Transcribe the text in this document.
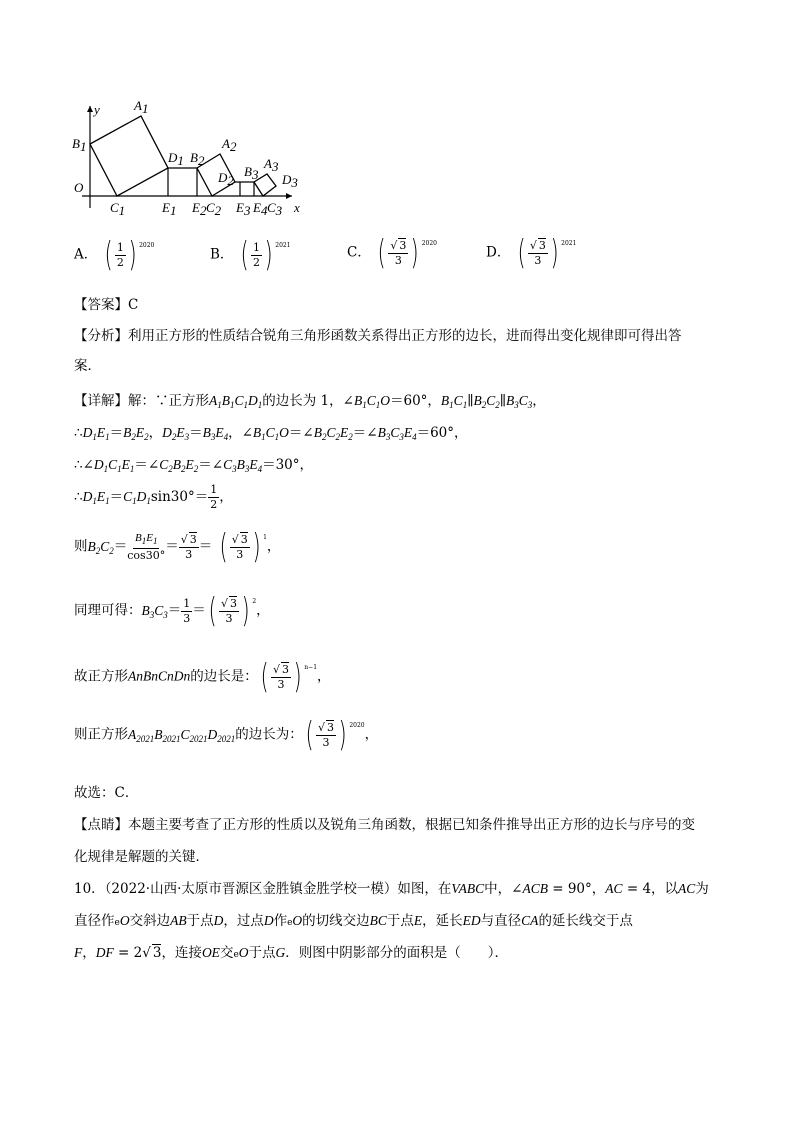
y
x
O
A1
B1
C1
D1
E1
B2
A2
E2 C2
D2
B3
A3
E3 E4 C3
D3
A． ( $\frac{1}{2}$ ) $^{2020}$
B． ( $\frac{1}{2}$ ) $^{2021}$	C． ( $\frac{√ 3}{3}$ ) $^{2020}$
D． ( $\frac{√ 3}{3}$ ) $^{2021}$
【答案】C
【分析】利用正方形的性质结合锐角三角形函数关系得出正方形的边长，进而得出变化规律即可得出答
案．
【详解】解：∵正方形$A_1B_1C_1D_1$的边长为 1，$\angle B_1C_1O=60^\circ$，$B_1C_1\parallel B_2C_2\parallel B_3C_3$，
$\therefore D_1E_1=B_2E_2$，$D_2E_3=B_3E_4$，$\angle B_1C_1O=\angle B_2C_2E_2=\angle B_3C_3E_4=60^\circ$，
$\therefore\angle D_1C_1E_1=\angle C_2B_2E_2=\angle C_3B_3E_4=30^\circ$，
$\therefore D_1E_1=C_1D_1\sin 30^\circ= \frac{1}{2}$ ，
则$B_2C_2= \frac{B_1E_1}{\cos 30^\circ} = \frac{√ 3}{3}$ ＝ ( $\frac{√ 3}{3}$ ) $^1$，
同理可得：$B_3C_3= \frac{1}{3}$ ＝ ( $\frac{√ 3}{3}$ ) $^2$，
故正方形AnBnCnDn的边长是： ( $\frac{√ 3}{3}$ ) $^{n-1}$，
则正方形$A_{2021}B_{2021}C_{2021}D_{2021}$的边长为： ( $\frac{√ 3}{3}$ ) $^{2020}$，
故选：C．
【点睛】本题主要考查了正方形的性质以及锐角三角函数，根据已知条件推导出正方形的边长与序号的变
化规律是解题的关键．
10．（2022·山西·太原市晋源区金胜镇金胜学校一模）如图，在VABC中，∠ACB = 90°，AC = 4，以AC为
直径作eO交斜边AB于点D，过点D作eO的切线交边BC于点E，延长ED与直径CA的延长线交于点
F，DF = 2√ 3，连接OE交eO于点G．则图中阴影部分的面积是（　　）．
